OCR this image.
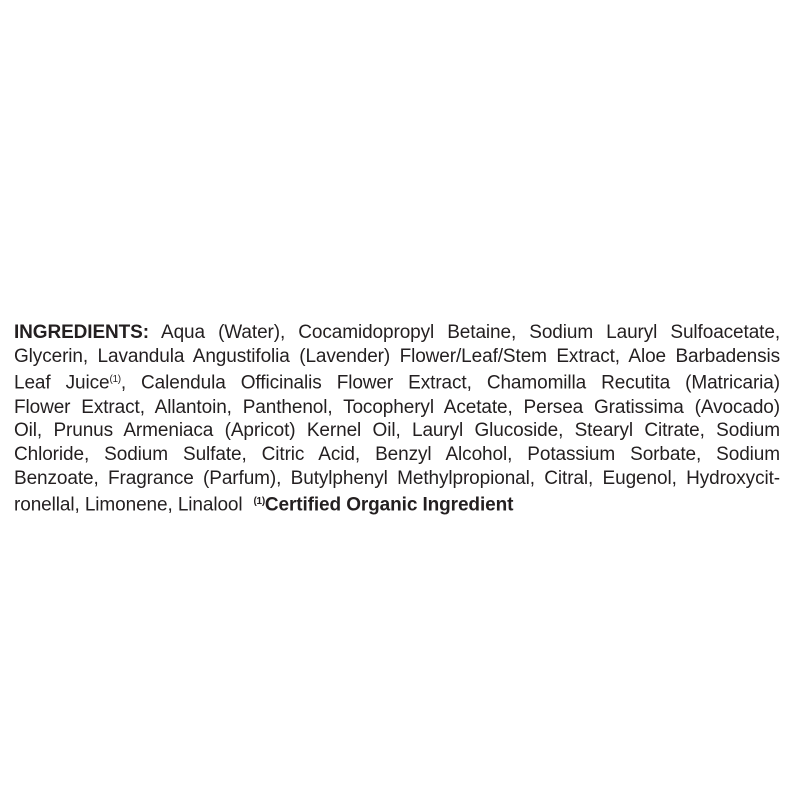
INGREDIENTS: Aqua (Water), Cocamidopropyl Betaine, Sodium Lauryl Sulfoacetate,

Glycerin, Lavandula Angustifolia (Lavender) Flower/Leaf/Stem Extract, Aloe Barbadensis

Leaf Juice$^{(1)}$, Calendula Officinalis Flower Extract, Chamomilla Recutita (Matricaria)

Flower Extract, Allantoin, Panthenol, Tocopheryl Acetate, Persea Gratissima (Avocado)

Oil, Prunus Armeniaca (Apricot) Kernel Oil, Lauryl Glucoside, Stearyl Citrate, Sodium

Chloride, Sodium Sulfate, Citric Acid, Benzyl Alcohol, Potassium Sorbate, Sodium

Benzoate, Fragrance (Parfum), Butylphenyl Methylpropional, Citral, Eugenol, Hydroxycit-

ronellal, Limonene, Linalool $^{(1)}$Certified Organic Ingredient
